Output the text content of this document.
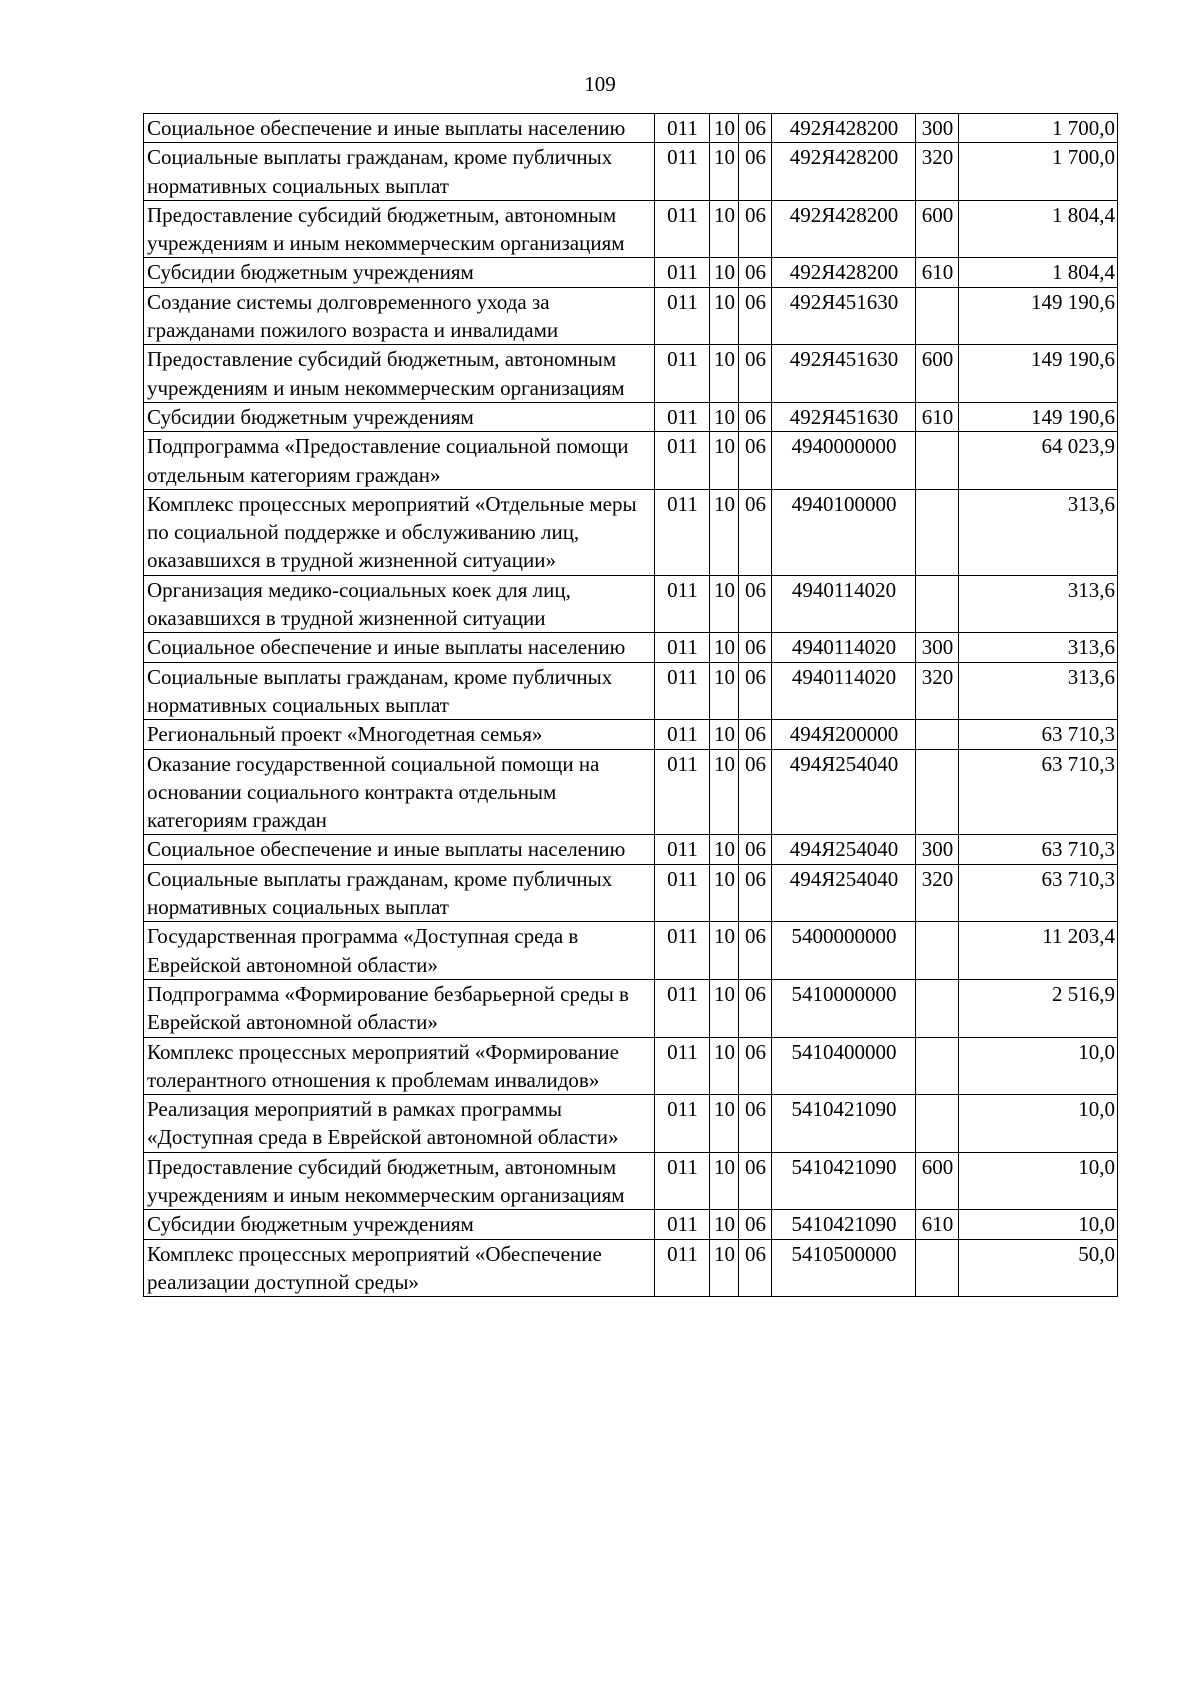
109
Социальное обеспечение и иные выплаты населению	011	10	06	492Я428200	300	1 700,0
Социальные выплаты гражданам, кроме публичных нормативных социальных выплат	011	10	06	492Я428200	320	1 700,0
Предоставление субсидий бюджетным, автономным учреждениям и иным некоммерческим организациям	011	10	06	492Я428200	600	1 804,4
Субсидии бюджетным учреждениям	011	10	06	492Я428200	610	1 804,4
Создание системы долговременного ухода за гражданами пожилого возраста и инвалидами	011	10	06	492Я451630		149 190,6
Предоставление субсидий бюджетным, автономным учреждениям и иным некоммерческим организациям	011	10	06	492Я451630	600	149 190,6
Субсидии бюджетным учреждениям	011	10	06	492Я451630	610	149 190,6
Подпрограмма «Предоставление социальной помощи отдельным категориям граждан»	011	10	06	4940000000		64 023,9
Комплекс процессных мероприятий «Отдельные меры по социальной поддержке и обслуживанию лиц, оказавшихся в трудной жизненной ситуации»	011	10	06	4940100000		313,6
Организация медико-социальных коек для лиц, оказавшихся в трудной жизненной ситуации	011	10	06	4940114020		313,6
Социальное обеспечение и иные выплаты населению	011	10	06	4940114020	300	313,6
Социальные выплаты гражданам, кроме публичных нормативных социальных выплат	011	10	06	4940114020	320	313,6
Региональный проект «Многодетная семья»	011	10	06	494Я200000		63 710,3
Оказание государственной социальной помощи на основании социального контракта отдельным категориям граждан	011	10	06	494Я254040		63 710,3
Социальное обеспечение и иные выплаты населению	011	10	06	494Я254040	300	63 710,3
Социальные выплаты гражданам, кроме публичных нормативных социальных выплат	011	10	06	494Я254040	320	63 710,3
Государственная программа «Доступная среда в Еврейской автономной области»	011	10	06	5400000000		11 203,4
Подпрограмма «Формирование безбарьерной среды в Еврейской автономной области»	011	10	06	5410000000		2 516,9
Комплекс процессных мероприятий «Формирование толерантного отношения к проблемам инвалидов»	011	10	06	5410400000		10,0
Реализация мероприятий в рамках программы «Доступная среда в Еврейской автономной области»	011	10	06	5410421090		10,0
Предоставление субсидий бюджетным, автономным учреждениям и иным некоммерческим организациям	011	10	06	5410421090	600	10,0
Субсидии бюджетным учреждениям	011	10	06	5410421090	610	10,0
Комплекс процессных мероприятий «Обеспечение реализации доступной среды»	011	10	06	5410500000		50,0
